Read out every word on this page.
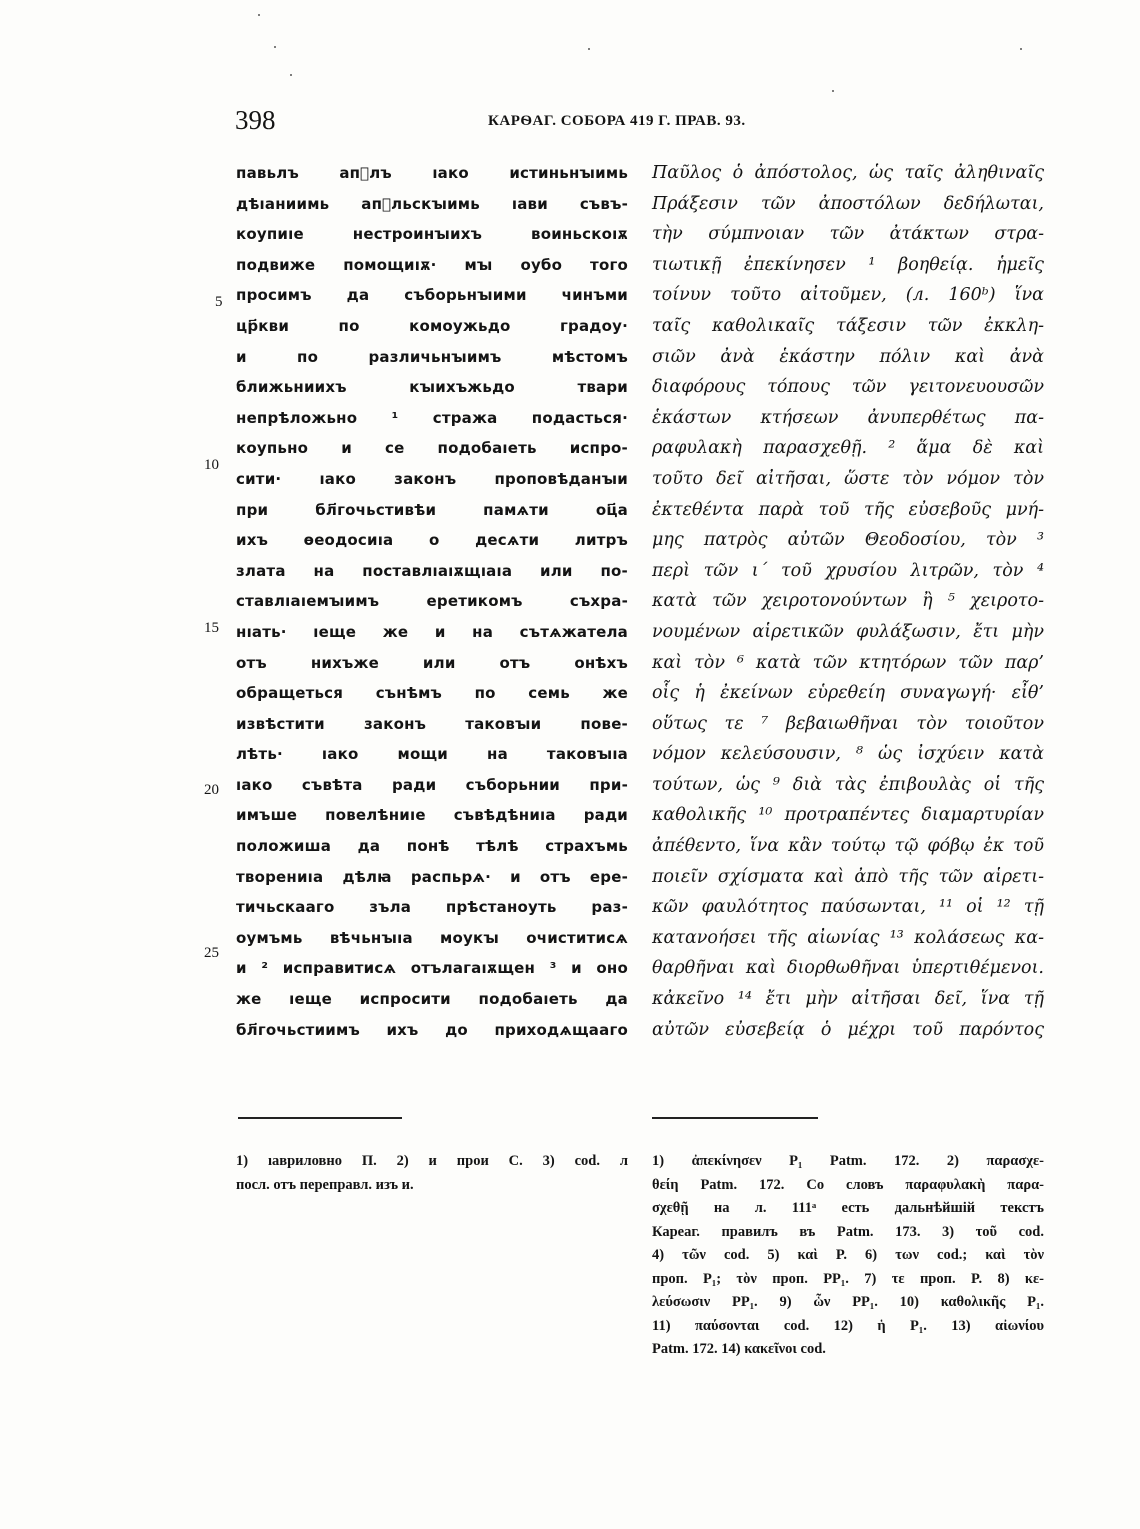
398	КАРѲАГ. СОБОРА 419 Г. ПРАВ. 93.
5
10
15
20
25
павьлъ апⷭлъ ıако истиньнꙑимь
дѣıаниимь апⷭльскꙑимь ıави съвъ-
коупиıе нестроинꙑихъ воиньскоıѫ
подвиже помощиıѫ· мꙑ оубо того
просимъ да съборьнꙑими чинъми
цр҃кви по комоужьдо градоу·
и по различьнꙑимъ мѣстомъ
ближьниихъ кꙑихъжьдо твари
непрѣложьно ¹ стража подасться·
коупьно и се подобаıеть испро-
сити· ıако законъ проповѣданꙑи
при бл҃гочьстивѣи памѧти оц҃а
ихъ ѳеодосиıа о десѧти литръ
злата на поставлıаıѫщıаıа или по-
ставлıаıемꙑимъ еретикомъ съхра-
нıать· ıеще же и на сътѧжатела
отъ нихъже или отъ онѣхъ
обращеться сънѣмъ по семь же
извѣстити законъ таковꙑи пове-
лѣть· ıако мощи на таковꙑıа
ıако съвѣта ради съборьнии при-
имъше повелѣниıе съвѣдѣниıа ради
положиша да понѣ тѣлѣ страхъмь
творениıа дѣлꙗ распьрѧ· и отъ ере-
тичьскааго зъла прѣстаноуть раз-
оумъмь вѣчьнꙑıа моукꙑ очиститисѧ
и ² исправитисѧ отълагаıѫщен ³ и оно
же ıеще испросити подобаıеть да
бл҃гочьстиимъ ихъ до приходѧщааго
Παῦλος ὁ ἀπόστολος, ὡς ταῖς ἀληθιναῖς
Πράξεσιν τῶν ἀποστόλων δεδήλωται,
τὴν σύμπνοιαν τῶν ἀτάκτων στρα-
τιωτικῇ ἐπεκίνησεν ¹ βοηθείᾳ. ἡμεῖς
τοίνυν τοῦτο αἰτοῦμεν, (л. 160ᵇ) ἵνα
ταῖς καθολικαῖς τάξεσιν τῶν ἐκκλη-
σιῶν ἀνὰ ἑκάστην πόλιν καὶ ἀνὰ
διαφόρους τόπους τῶν γειτονευουσῶν
ἑκάστων κτήσεων ἀνυπερθέτως πα-
ραφυλακὴ παρασχεθῇ. ² ἅμα δὲ καὶ
τοῦτο δεῖ αἰτῆσαι, ὥστε τὸν νόμον τὸν
ἐκτεθέντα παρὰ τοῦ τῆς εὐσεβοῦς μνή-
μης πατρὸς αὐτῶν Θεοδοσίου, τὸν ³
περὶ τῶν ι´ τοῦ χρυσίου λιτρῶν, τὸν ⁴
κατὰ τῶν χειροτονούντων ἢ ⁵ χειροτο-
νουμένων αἱρετικῶν φυλάξωσιν, ἔτι μὴν
καὶ τὸν ⁶ κατὰ τῶν κτητόρων τῶν παρ’
οἷς ἡ ἐκείνων εὑρεθείη συναγωγή· εἶθ’
οὕτως τε ⁷ βεβαιωθῆναι τὸν τοιοῦτον
νόμον κελεύσουσιν, ⁸ ὡς ἰσχύειν κατὰ
τούτων, ὡς ⁹ διὰ τὰς ἐπιβουλὰς οἱ τῆς
καθολικῆς ¹⁰ προτραπέντες διαμαρτυρίαν
ἀπέθεντο, ἵνα κἂν τούτῳ τῷ φόβῳ ἐκ τοῦ
ποιεῖν σχίσματα καὶ ἀπὸ τῆς τῶν αἱρετι-
κῶν φαυλότητος παύσωνται, ¹¹ οἱ ¹² τῇ
κατανοήσει τῆς αἰωνίας ¹³ κολάσεως κα-
θαρθῆναι καὶ διορθωθῆναι ὑπερτιθέμενοι.
κἀκεῖνο ¹⁴ ἔτι μὴν αἰτῆσαι δεῖ, ἵνα τῇ
αὐτῶν εὐσεβείᾳ ὁ μέχρι τοῦ παρόντος
1) ıавриловно П. 2) и прои С. 3) cod. л
посл. отъ переправл. изъ и.
1) ἀπεκίνησεν P₁ Patm. 172. 2) παρασχε-
θείη Patm. 172. Со словъ παραφυλακὴ παρα-
σχεθῇ на л. 111ᵃ есть дальнѣйшій текстъ
Кареаг. правилъ въ Patm. 173. 3) τοῦ cod.
4) τῶν cod. 5) καὶ P. 6) των cod.; καὶ τὸν
проп. P₁; τὸν проп. PP₁. 7) τε проп. P. 8) κε-
λεύσωσιν PP₁. 9) ὧν PP₁. 10) καθολικῆς P₁.
11) παύσονται cod. 12) ἡ P₁. 13) αἰωνίου
Patm. 172. 14) κακεῖνοι cod.
